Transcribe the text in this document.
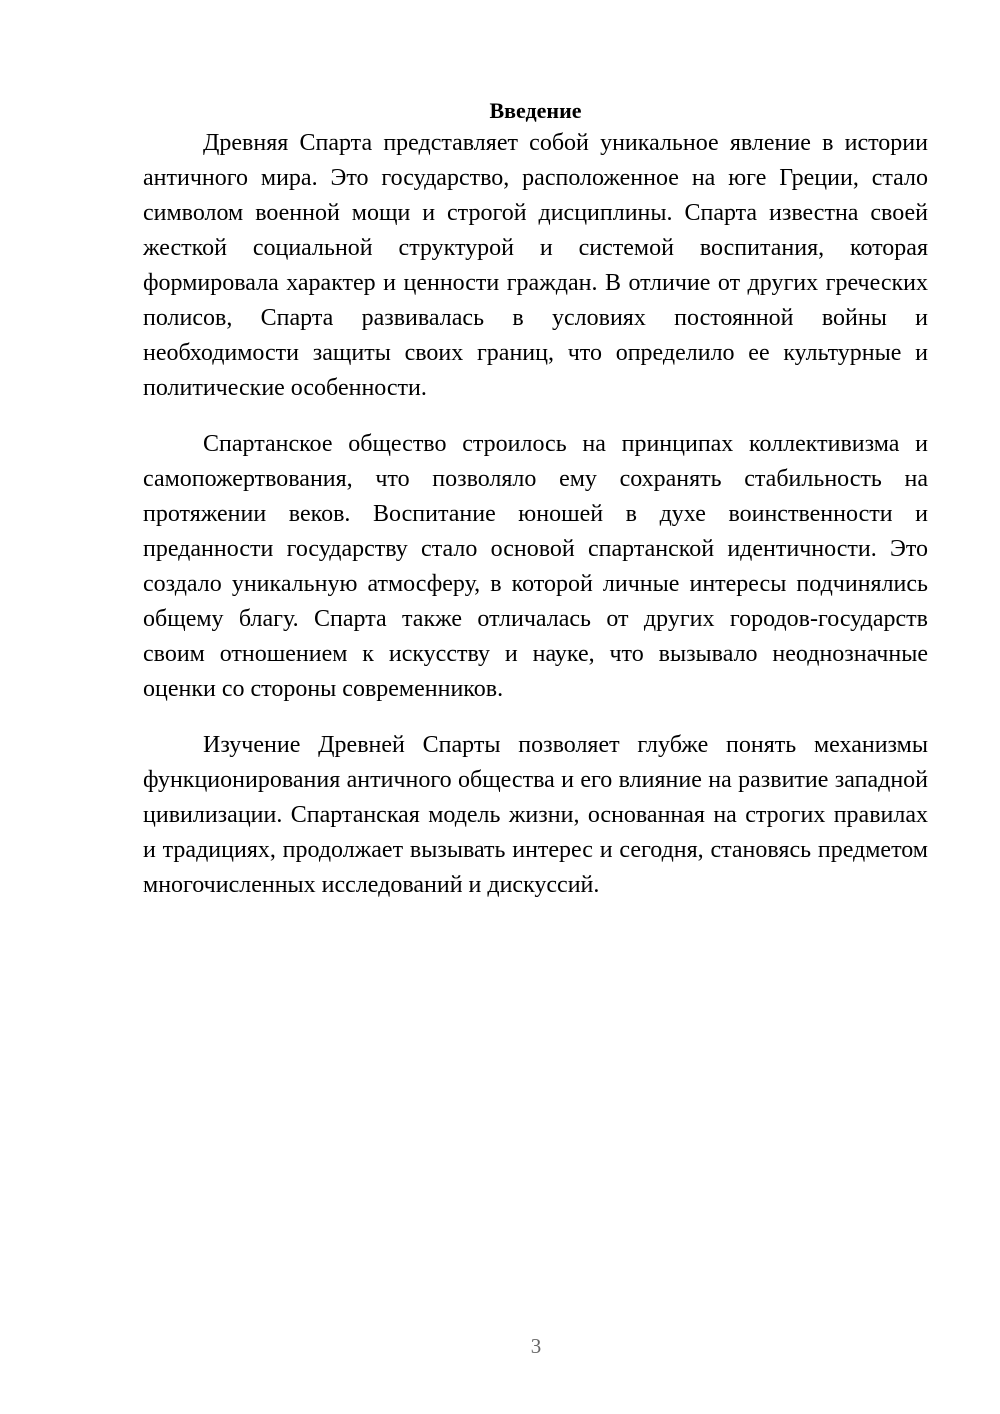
Введение

Древняя Спарта представляет собой уникальное явление в истории античного мира. Это государство, расположенное на юге Греции, стало символом военной мощи и строгой дисциплины. Спарта известна своей жесткой социальной структурой и системой воспитания, которая формировала характер и ценности граждан. В отличие от других греческих полисов, Спарта развивалась в условиях постоянной войны и необходимости защиты своих границ, что определило ее культурные и политические особенности.

Спартанское общество строилось на принципах коллективизма и самопожертвования, что позволяло ему сохранять стабильность на протяжении веков. Воспитание юношей в духе воинственности и преданности государству стало основой спартанской идентичности. Это создало уникальную атмосферу, в которой личные интересы подчинялись общему благу. Спарта также отличалась от других городов-государств своим отношением к искусству и науке, что вызывало неоднозначные оценки со стороны современников.

Изучение Древней Спарты позволяет глубже понять механизмы функционирования античного общества и его влияние на развитие западной цивилизации. Спартанская модель жизни, основанная на строгих правилах и традициях, продолжает вызывать интерес и сегодня, становясь предметом многочисленных исследований и дискуссий.

3
